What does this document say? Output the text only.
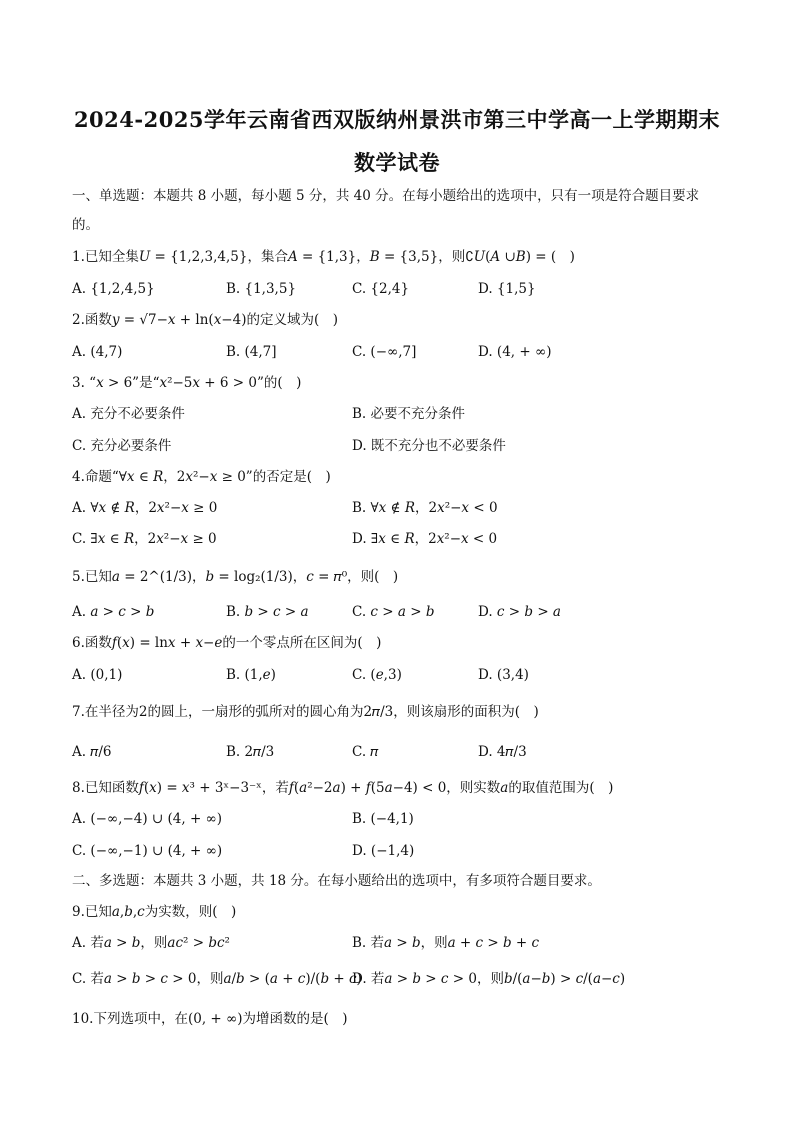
2024-2025学年云南省西双版纳州景洪市第三中学高一上学期期末
数学试卷
一、单选题：本题共 8 小题，每小题 5 分，共 40 分。在每小题给出的选项中，只有一项是符合题目要求
的。
1.已知全集𝑈 = {1,2,3,4,5}，集合𝐴 = {1,3}，𝐵 = {3,5}，则∁𝑈(𝐴 ∪𝐵) = (　)
A. {1,2,4,5}	B. {1,3,5}	C. {2,4}	D. {1,5}
2.函数𝑦 = √7−𝑥 + ln(𝑥−4)的定义域为(　)
A. (4,7)	B. (4,7]	C. (−∞,7]	D. (4, + ∞)
3. “𝑥 > 6”是“𝑥²−5𝑥 + 6 > 0”的(　)
A. 充分不必要条件	B. 必要不充分条件
C. 充分必要条件	D. 既不充分也不必要条件
4.命题“∀𝑥 ∈ 𝑅，2𝑥²−𝑥 ≥ 0”的否定是(　)
A. ∀𝑥 ∉ 𝑅，2𝑥²−𝑥 ≥ 0	B. ∀𝑥 ∉ 𝑅，2𝑥²−𝑥 < 0
C. ∃𝑥 ∈ 𝑅，2𝑥²−𝑥 ≥ 0	D. ∃𝑥 ∈ 𝑅，2𝑥²−𝑥 < 0
5.已知𝑎 = 2^(1/3)，𝑏 = log₂(1/3)，𝑐 = 𝜋⁰，则(　)
A. 𝑎 > 𝑐 > 𝑏	B. 𝑏 > 𝑐 > 𝑎	C. 𝑐 > 𝑎 > 𝑏	D. 𝑐 > 𝑏 > 𝑎
6.函数𝑓(𝑥) = ln𝑥 + 𝑥−𝑒的一个零点所在区间为(　)
A. (0,1)	B. (1,𝑒)	C. (𝑒,3)	D. (3,4)
7.在半径为2的圆上，一扇形的弧所对的圆心角为2𝜋/3，则该扇形的面积为(　)
A. 𝜋/6	B. 2𝜋/3	C. 𝜋	D. 4𝜋/3
8.已知函数𝑓(𝑥) = 𝑥³ + 3ˣ−3⁻ˣ，若𝑓(𝑎²−2𝑎) + 𝑓(5𝑎−4) < 0，则实数𝑎的取值范围为(　)
A. (−∞,−4) ∪ (4, + ∞)	B. (−4,1)
C. (−∞,−1) ∪ (4, + ∞)	D. (−1,4)
二、多选题：本题共 3 小题，共 18 分。在每小题给出的选项中，有多项符合题目要求。
9.已知𝑎,𝑏,𝑐为实数，则(　)
A. 若𝑎 > 𝑏，则𝑎𝑐² > 𝑏𝑐²	B. 若𝑎 > 𝑏，则𝑎 + 𝑐 > 𝑏 + 𝑐
C. 若𝑎 > 𝑏 > 𝑐 > 0，则𝑎/𝑏 > (𝑎 + 𝑐)/(𝑏 + 𝑐)
D. 若𝑎 > 𝑏 > 𝑐 > 0，则𝑏/(𝑎−𝑏) > 𝑐/(𝑎−𝑐)
10.下列选项中，在(0, + ∞)为增函数的是(　)
